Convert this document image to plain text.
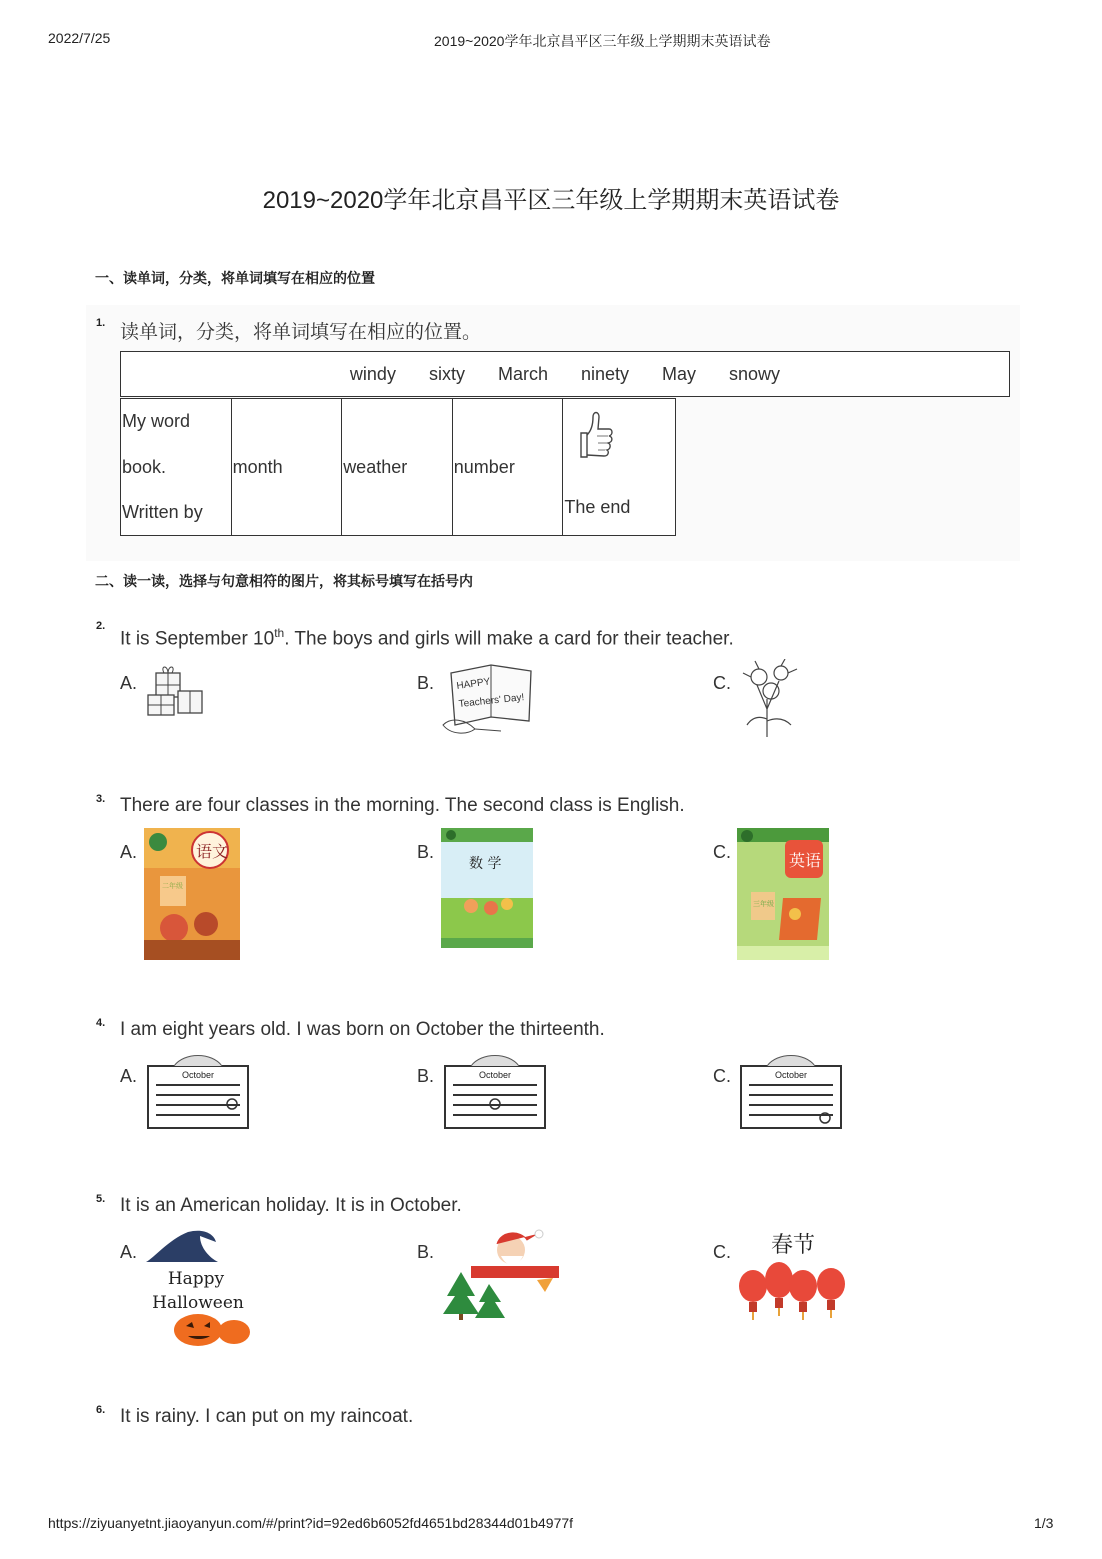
2022/7/25	2019~2020学年北京昌平区三年级上学期期末英语试卷
2019~2020学年北京昌平区三年级上学期期末英语试卷
一、读单词，分类，将单词填写在相应的位置
1. 读单词，分类，将单词填写在相应的位置。
windy sixty March ninety May snowy
My word
book.
Written by
month	weather	number
The end
二、读一读，选择与句意相符的图片，将其标号填写在括号内
2.
It is September 10th. The boys and girls will make a card for their teacher.
A.	B. HAPPY
Teachers' Day!
C.
3. There are four classes in the morning. The second class is English.
A.	语文
二年级
B.
数 学
C.	英语
三年级
4. I am eight years old. I was born on October the thirteenth.
A.	October	B.	October	C.	October
5. It is an American holiday. It is in October.
A.
Happy
Halloween
B.	C. 春节
6. It is rainy. I can put on my raincoat.
https://ziyuanyetnt.jiaoyanyun.com/#/print?id=92ed6b6052fd4651bd28344d01b4977f	1/3
